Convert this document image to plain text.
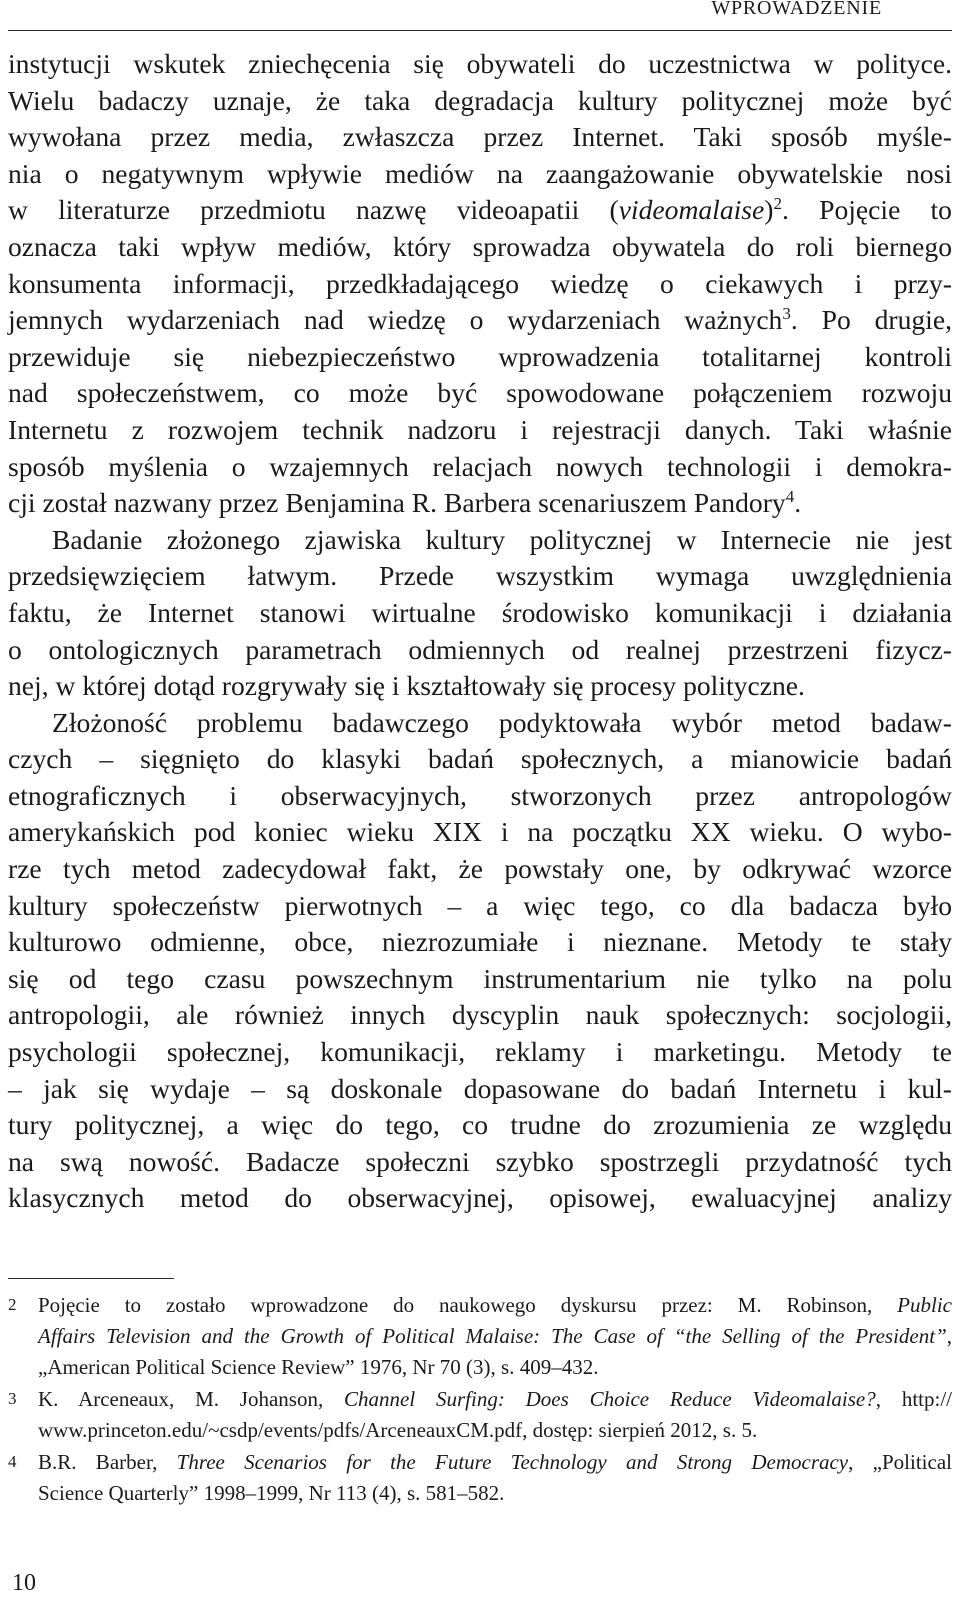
WPROWADZENIE
instytucji wskutek zniechęcenia się obywateli do uczestnictwa w polityce.
Wielu badaczy uznaje, że taka degradacja kultury politycznej może być
wywołana przez media, zwłaszcza przez Internet. Taki sposób myśle-
nia o negatywnym wpływie mediów na zaangażowanie obywatelskie nosi
w literaturze przedmiotu nazwę videoapatii (videomalaise)$^2$. Pojęcie to
oznacza taki wpływ mediów, który sprowadza obywatela do roli biernego
konsumenta informacji, przedkładającego wiedzę o ciekawych i przy-
jemnych wydarzeniach nad wiedzę o wydarzeniach ważnych$^3$. Po drugie,
przewiduje się niebezpieczeństwo wprowadzenia totalitarnej kontroli
nad społeczeństwem, co może być spowodowane połączeniem rozwoju
Internetu z rozwojem technik nadzoru i rejestracji danych. Taki właśnie
sposób myślenia o wzajemnych relacjach nowych technologii i demokra-
cji został nazwany przez Benjamina R. Barbera scenariuszem Pandory$^4$.
Badanie złożonego zjawiska kultury politycznej w Internecie nie jest
przedsięwzięciem łatwym. Przede wszystkim wymaga uwzględnienia
faktu, że Internet stanowi wirtualne środowisko komunikacji i działania
o ontologicznych parametrach odmiennych od realnej przestrzeni fizycz-
nej, w której dotąd rozgrywały się i kształtowały się procesy polityczne.
Złożoność problemu badawczego podyktowała wybór metod badaw-
czych – sięgnięto do klasyki badań społecznych, a mianowicie badań
etnograficznych i obserwacyjnych, stworzonych przez antropologów
amerykańskich pod koniec wieku XIX i na początku XX wieku. O wybo-
rze tych metod zadecydował fakt, że powstały one, by odkrywać wzorce
kultury społeczeństw pierwotnych – a więc tego, co dla badacza było
kulturowo odmienne, obce, niezrozumiałe i nieznane. Metody te stały
się od tego czasu powszechnym instrumentarium nie tylko na polu
antropologii, ale również innych dyscyplin nauk społecznych: socjologii,
psychologii społecznej, komunikacji, reklamy i marketingu. Metody te
– jak się wydaje – są doskonale dopasowane do badań Internetu i kul-
tury politycznej, a więc do tego, co trudne do zrozumienia ze względu
na swą nowość. Badacze społeczni szybko spostrzegli przydatność tych
klasycznych metod do obserwacyjnej, opisowej, ewaluacyjnej analizy
2 Pojęcie to zostało wprowadzone do naukowego dyskursu przez: M. Robinson, Public
Affairs Television and the Growth of Political Malaise: The Case of “the Selling of the President”,
„American Political Science Review” 1976, Nr 70 (3), s. 409–432.
3 K. Arceneaux, M. Johanson, Channel Surfing: Does Choice Reduce Videomalaise?, http://
www.princeton.edu/~csdp/events/pdfs/ArceneauxCM.pdf, dostęp: sierpień 2012, s. 5.
4 B.R. Barber, Three Scenarios for the Future Technology and Strong Democracy, „Political
Science Quarterly” 1998–1999, Nr 113 (4), s. 581–582.
10
